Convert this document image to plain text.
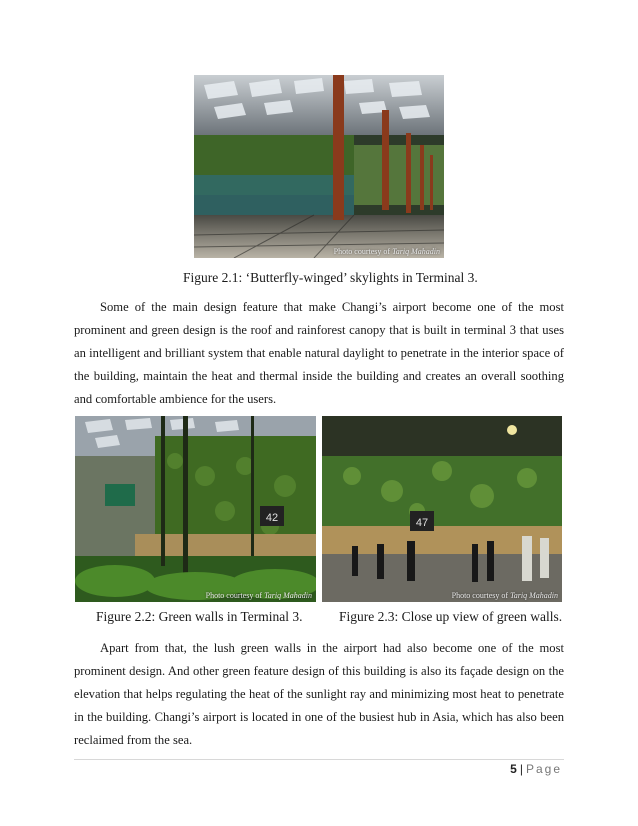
Photo courtesy of Tariq Mahadin
Figure 2.1: ‘Butterfly-winged’ skylights in Terminal 3.

Some of the main design feature that make Changi’s airport become one of the most prominent and green design is the roof and rainforest canopy that is built in terminal 3 that uses an intelligent and brilliant system that enable natural daylight to penetrate in the interior space of the building, maintain the heat and thermal inside the building and creates an overall soothing and comfortable ambience for the users.

42
Photo courtesy of Tariq Mahadin
Figure 2.2: Green walls in Terminal 3.
47
Photo courtesy of Tariq Mahadin
Figure 2.3: Close up view of green walls.

Apart from that, the lush green walls in the airport had also become one of the most prominent design. And other green feature design of this building is also its façade design on the elevation that helps regulating the heat of the sunlight ray and minimizing most heat to penetrate in the building. Changi’s airport is located in one of the busiest hub in Asia, which has also been reclaimed from the sea.

5 | Page
